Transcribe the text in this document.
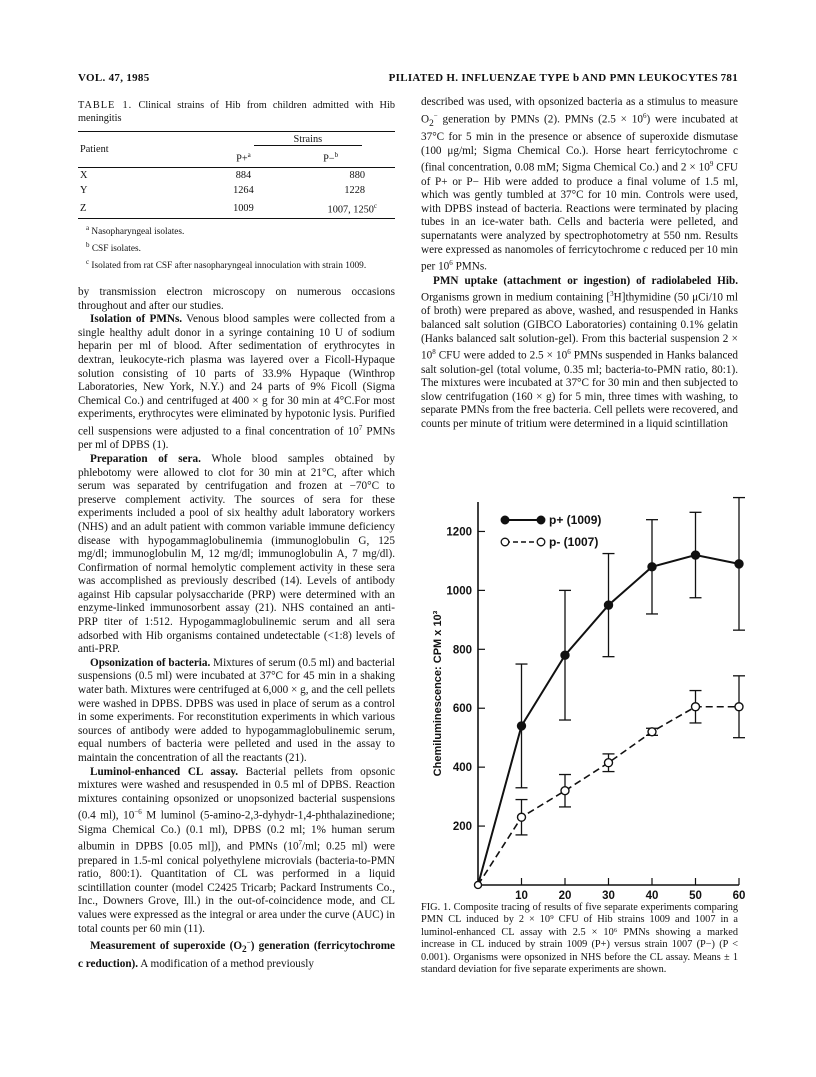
VOL. 47, 1985	PILIATED H. INFLUENZAE TYPE b AND PMN LEUKOCYTES 781

TABLE 1. Clinical strains of Hib from children admitted with Hib meningitis

Patient	Strains	
	P+$^a$	P−$^b$
X	884	880
Y	1264	1228
Z	1009	1007, 1250$^c$

$^a$ Nasopharyngeal isolates.

$^b$ CSF isolates.

$^c$ Isolated from rat CSF after nasopharyngeal innoculation with strain 1009.

by transmission electron microscopy on numerous occasions throughout and after our studies.

Isolation of PMNs. Venous blood samples were collected from a single healthy adult donor in a syringe containing 10 U of sodium heparin per ml of blood. After sedimentation of erythrocytes in dextran, leukocyte-rich plasma was layered over a Ficoll-Hypaque solution consisting of 10 parts of 33.9% Hypaque (Winthrop Laboratories, New York, N.Y.) and 24 parts of 9% Ficoll (Sigma Chemical Co.) and centrifuged at 400 × g for 30 min at 4°C.For most experiments, erythrocytes were eliminated by hypotonic lysis. Purified cell suspensions were adjusted to a final concentration of $10^7$ PMNs per ml of DPBS (1).

Preparation of sera. Whole blood samples obtained by phlebotomy were allowed to clot for 30 min at 21°C, after which serum was separated by centrifugation and frozen at −70°C to preserve complement activity. The sources of sera for these experiments included a pool of six healthy adult laboratory workers (NHS) and an adult patient with common variable immune deficiency disease with hypogammaglobulinemia (immunoglobulin G, 125 mg/dl; immunoglobulin M, 12 mg/dl; immunoglobulin A, 7 mg/dl). Confirmation of normal hemolytic complement activity in these sera was accomplished as previously described (14). Levels of antibody against Hib capsular polysaccharide (PRP) were determined with an enzyme-linked immunosorbent assay (21). NHS contained an anti-PRP titer of 1:512. Hypogammaglobulinemic serum and all sera adsorbed with Hib organisms contained undetectable (<1:8) levels of anti-PRP.

Opsonization of bacteria. Mixtures of serum (0.5 ml) and bacterial suspensions (0.5 ml) were incubated at 37°C for 45 min in a shaking water bath. Mixtures were centrifuged at 6,000 × g, and the cell pellets were washed in DPBS. DPBS was used in place of serum as a control in some experiments. For reconstitution experiments in which various sources of antibody were added to hypogammaglobulinemic serum, equal numbers of bacteria were pelleted and used in the assay to maintain the concentration of all the reactants (21).

Luminol-enhanced CL assay. Bacterial pellets from opsonic mixtures were washed and resuspended in 0.5 ml of DPBS. Reaction mixtures containing opsonized or unopsonized bacterial suspensions (0.4 ml), $10^{-6}$ M luminol (5-amino-2,3-dyhydr-1,4-phthalazinedione; Sigma Chemical Co.) (0.1 ml), DPBS (0.2 ml; 1% human serum albumin in DPBS [0.05 ml]), and PMNs ($10^7/ml$; 0.25 ml) were prepared in 1.5-ml conical polyethylene microvials (bacteria-to-PMN ratio, 800:1). Quantitation of CL was performed in a liquid scintillation counter (model C2425 Tricarb; Packard Instruments Co., Inc., Downers Grove, Ill.) in the out-of-coincidence mode, and CL values were expressed as the integral or area under the curve (AUC) in total counts per 60 min (11).

Measurement of superoxide $(O_2^-)$ generation (ferricytochrome c reduction). A modification of a method previously

described was used, with opsonized bacteria as a stimulus to measure $O_2^-$ generation by PMNs (2). PMNs $(2.5 \times 10^6)$ were incubated at 37°C for 5 min in the presence or absence of superoxide dismutase (100 μg/ml; Sigma Chemical Co.). Horse heart ferricytochrome c (final concentration, 0.08 mM; Sigma Chemical Co.) and $2 \times 10^9$ CFU of P+ or P− Hib were added to produce a final volume of 1.5 ml, which was gently tumbled at 37°C for 10 min. Controls were used, with DPBS instead of bacteria. Reactions were terminated by placing tubes in an ice-water bath. Cells and bacteria were pelleted, and supernatants were analyzed by spectrophotometry at 550 nm. Results were expressed as nanomoles of ferricytochrome c reduced per 10 min per $10^6$ PMNs.

PMN uptake (attachment or ingestion) of radiolabeled Hib. Organisms grown in medium containing [$^3$H]thymidine (50 μCi/10 ml of broth) were prepared as above, washed, and resuspended in Hanks balanced salt solution (GIBCO Laboratories) containing 0.1% gelatin (Hanks balanced salt solution-gel). From this bacterial suspension $2 \times 10^8$ CFU were added to $2.5 \times 10^6$ PMNs suspended in Hanks balanced salt solution-gel (total volume, 0.35 ml; bacteria-to-PMN ratio, 80:1). The mixtures were incubated at 37°C for 30 min and then subjected to slow centrifugation (160 × g) for 5 min, three times with washing, to separate PMNs from the free bacteria. Cell pellets were recovered, and counts per minute of tritium were determined in a liquid scintillation

200
400
600
800
1000
1200
10	20	30	40	50	60
Chemiluminescence: CPM x 10³
p+ (1009)
p- (1007)
FIG. 1. Composite tracing of results of five separate experiments comparing PMN CL induced by 2 × 10⁹ CFU of Hib strains 1009 and 1007 in a luminol-enhanced CL assay with 2.5 × 10⁶ PMNs showing a marked increase in CL induced by strain 1009 (P+) versus strain 1007 (P−) (P < 0.001). Organisms were opsonized in NHS before the CL assay. Means ± 1 standard deviation for five separate experiments are shown.
